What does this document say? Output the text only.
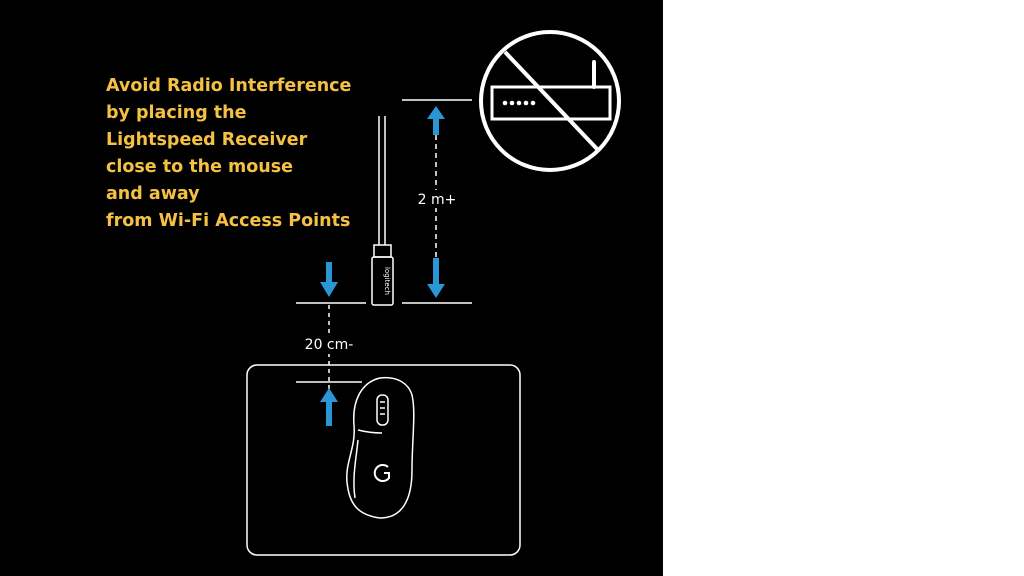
Avoid Radio Interference
by placing the
Lightspeed Receiver
close to the mouse
and away
from Wi-Fi Access Points
2 m+
logitech
20 cm-
